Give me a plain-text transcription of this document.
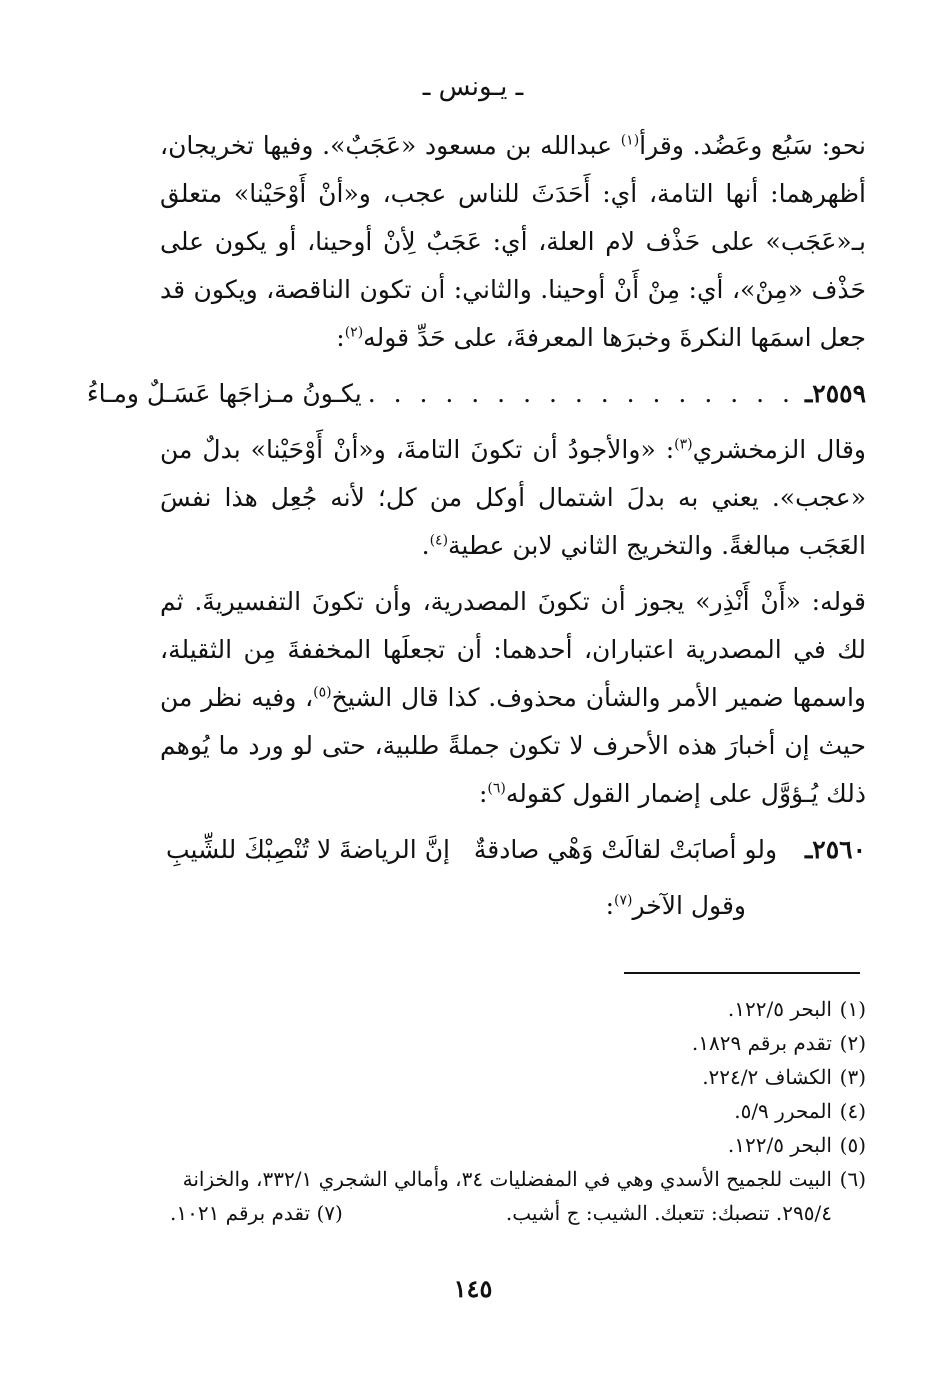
ـ يـونس ـ

نحو: سَبُع وعَضُد. وقرأ$^{(١)}$ عبدالله بن مسعود «عَجَبٌ». وفيها تخريجان، أظهرهما: أنها التامة، أي: أَحَدَثَ للناس عجب، و«أنْ أَوْحَيْنا» متعلق بـ«عَجَب» على حَذْف لام العلة، أي: عَجَبٌ لِأنْ أوحينا، أو يكون على حَذْف «مِنْ»، أي: مِنْ أَنْ أوحينا. والثاني: أن تكون الناقصة، ويكون قد جعل اسمَها النكرةَ وخبرَها المعرفةَ، على حَدِّ قوله$^{(٢)}$:

٢٥٥٩ـ
. . . . . . . . . . . . . . . . .
يكـونُ مـزاجَها عَسَـلٌ ومـاءُ

وقال الزمخشري$^{(٣)}$: «والأجودُ أن تكونَ التامةَ، و«أنْ أَوْحَيْنا» بدلٌ من «عجب». يعني به بدلَ اشتمال أوكل من كل؛ لأنه جُعِل هذا نفسَ العَجَب مبالغةً. والتخريج الثاني لابن عطية$^{(٤)}$.

قوله: «أَنْ أَنْذِر» يجوز أن تكونَ المصدرية، وأن تكونَ التفسيريةَ. ثم لك في المصدرية اعتباران، أحدهما: أن تجعلَها المخففةَ مِن الثقيلة، واسمها ضمير الأمر والشأن محذوف. كذا قال الشيخ$^{(٥)}$، وفيه نظر من حيث إن أخبارَ هذه الأحرف لا تكون جملةً طلبية، حتى لو ورد ما يُوهم ذلك يُـؤوَّل على إضمار القول كقوله$^{(٦)}$:

٢٥٦٠ـ
ولو أصابَتْ لقالَتْ وَهْي صادقةٌ
إنَّ الرياضةَ لا تُنْصِبْكَ للشِّيبِ

وقول الآخر$^{(٧)}$:

(١)
البحر ١٢٢/٥.
(٢)
تقدم برقم ١٨٢٩.
(٣)
الكشاف ٢٢٤/٢.
(٤)
المحرر ٥/٩.
(٥)
البحر ١٢٢/٥.
(٦)
البيت للجميح الأسدي وهي في المفضليات ٣٤، وأمالي الشجري ٣٣٢/١، والخزانة
٢٩٥/٤. تنصبك: تتعبك. الشيب: ج أشيب.
(٧) تقدم برقم ١٠٢١.
١٤٥
